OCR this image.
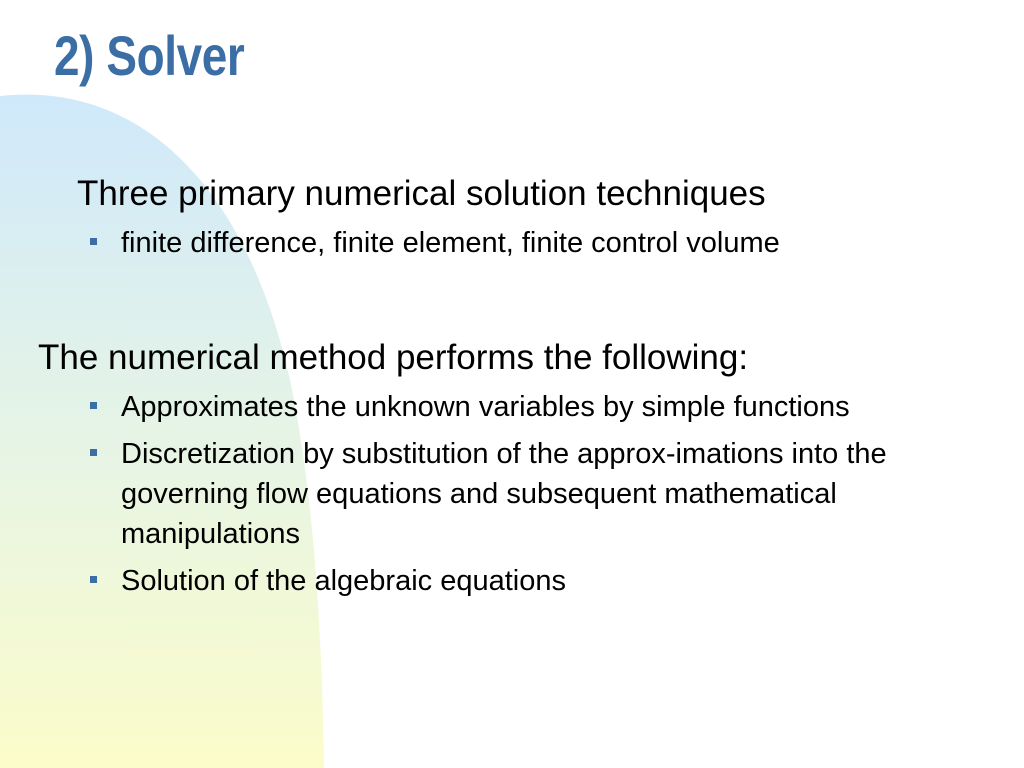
2) Solver

Three primary numerical solution techniques

finite difference, finite element, finite control volume

The numerical method performs the following:

Approximates the unknown variables by simple functions
Discretization by substitution of the approx-imations into the governing flow equations and subsequent mathematical manipulations
Solution of the algebraic equations
